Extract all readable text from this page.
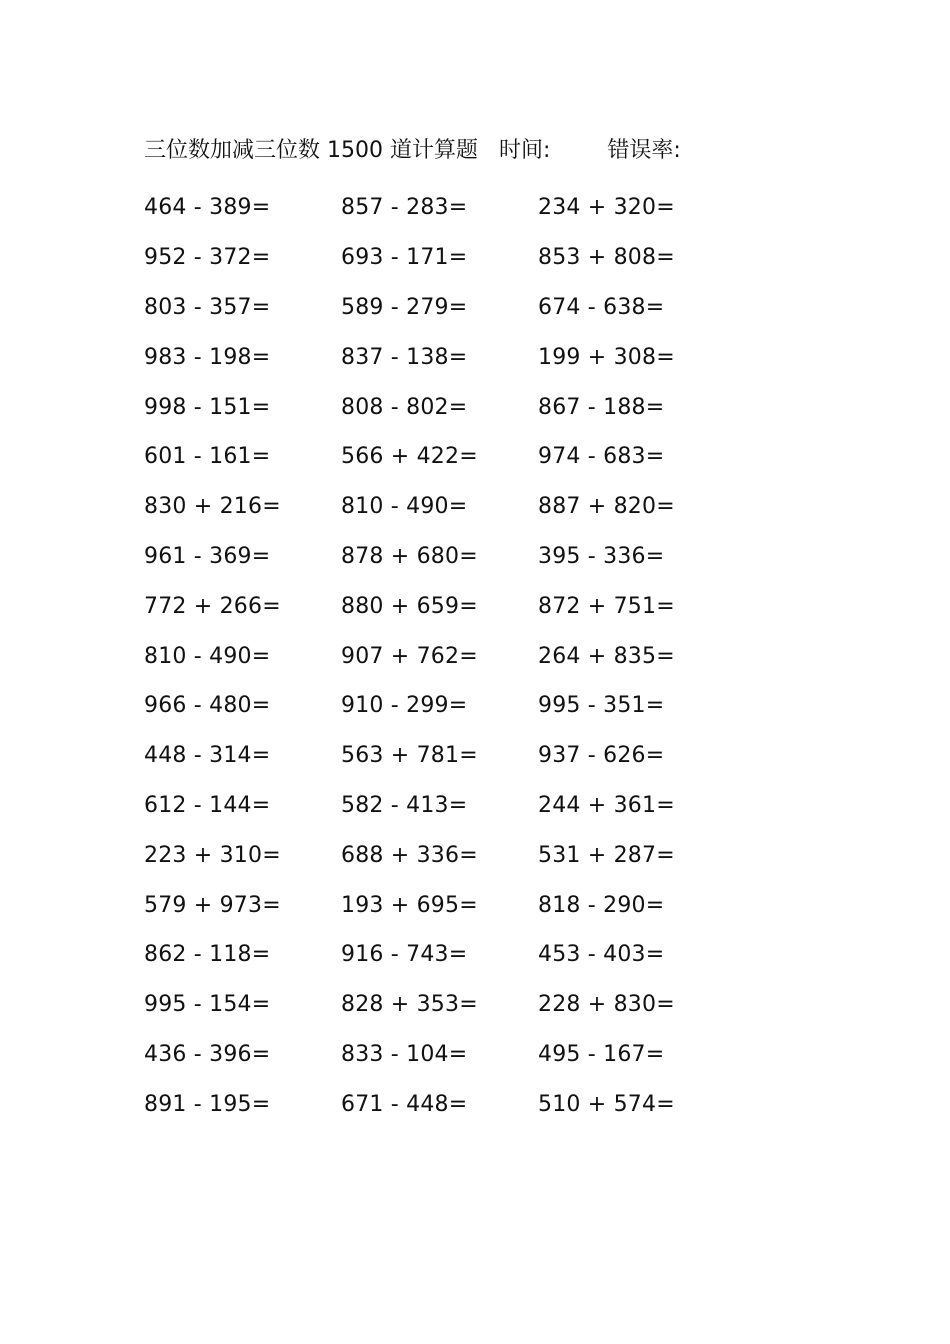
三位数加减三位数 1500 道计算题 时间:	错误率:
464 - 389=	857 - 283=	234 + 320=
952 - 372=	693 - 171=	853 + 808=
803 - 357=	589 - 279=	674 - 638=
983 - 198=	837 - 138=	199 + 308=
998 - 151=	808 - 802=	867 - 188=
601 - 161=	566 + 422=	974 - 683=
830 + 216=	810 - 490=	887 + 820=
961 - 369=	878 + 680=	395 - 336=
772 + 266=	880 + 659=	872 + 751=
810 - 490=	907 + 762=	264 + 835=
966 - 480=	910 - 299=	995 - 351=
448 - 314=	563 + 781=	937 - 626=
612 - 144=	582 - 413=	244 + 361=
223 + 310=	688 + 336=	531 + 287=
579 + 973=	193 + 695=	818 - 290=
862 - 118=	916 - 743=	453 - 403=
995 - 154=	828 + 353=	228 + 830=
436 - 396=	833 - 104=	495 - 167=
891 - 195=	671 - 448=	510 + 574=
